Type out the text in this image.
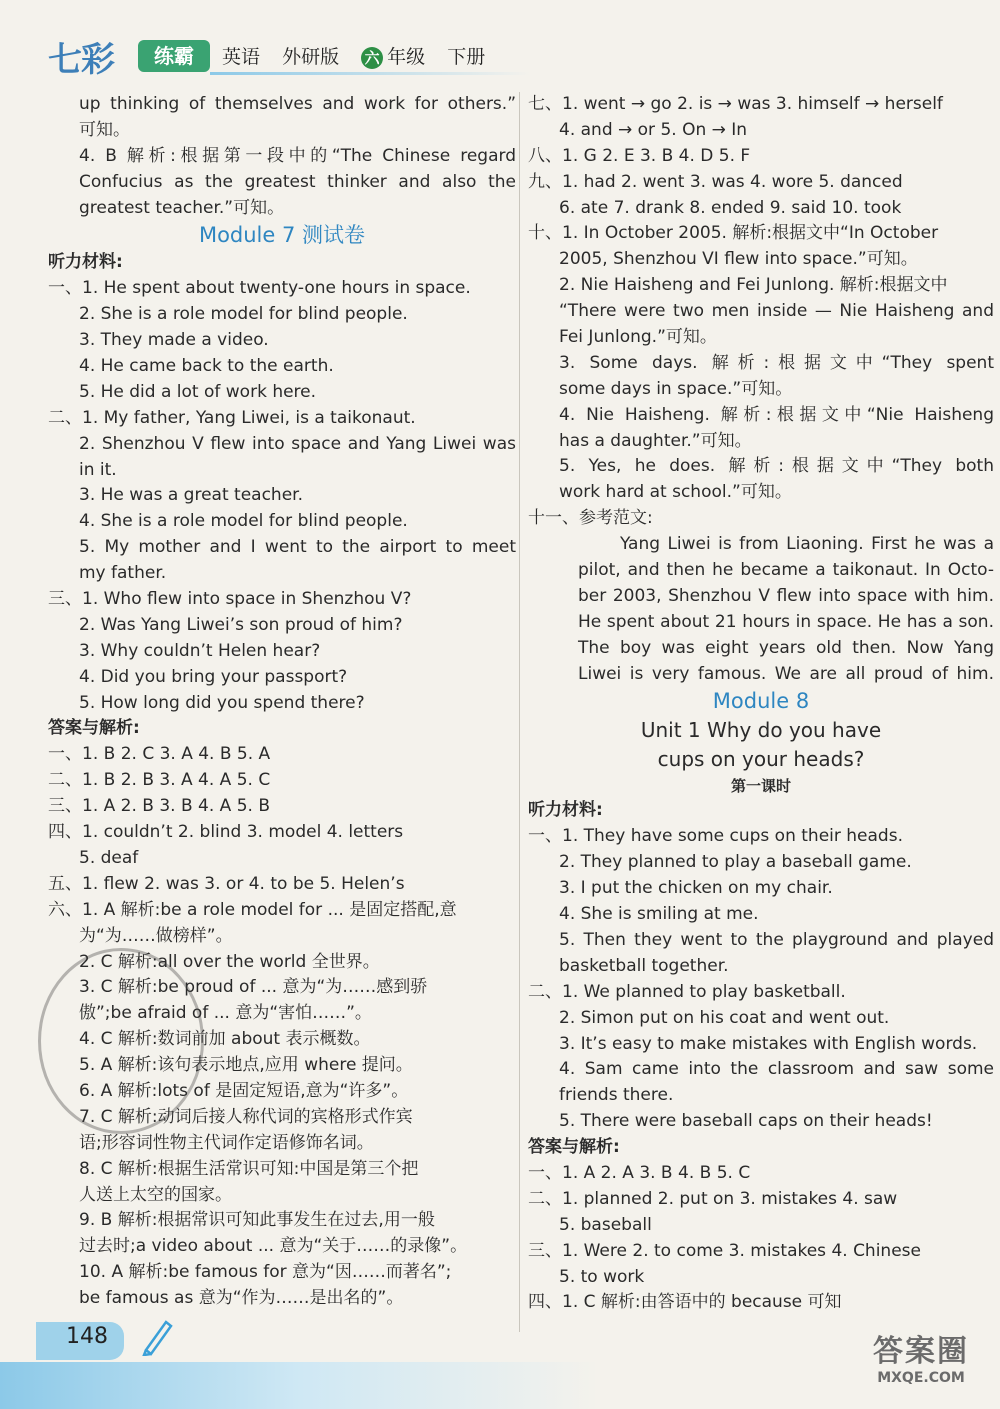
七彩	练霸	英语 外研版 六 年级 下册
up thinking of themselves and work for others.”
可知。
4. B 解析:根据第一段中的“The Chinese regard
Confucius as the greatest thinker and also the
greatest teacher.”可知。
Module 7 测试卷
听力材料:
一、1. He spent about twenty-one hours in space.
2. She is a role model for blind people.
3. They made a video.
4. He came back to the earth.
5. He did a lot of work here.
二、1. My father, Yang Liwei, is a taikonaut.
2. Shenzhou V flew into space and Yang Liwei was
in it.
3. He was a great teacher.
4. She is a role model for blind people.
5. My mother and I went to the airport to meet
my father.
三、1. Who flew into space in Shenzhou V?
2. Was Yang Liwei’s son proud of him?
3. Why couldn’t Helen hear?
4. Did you bring your passport?
5. How long did you spend there?
答案与解析:
一、1. B 2. C 3. A 4. B 5. A
二、1. B 2. B 3. A 4. A 5. C
三、1. A 2. B 3. B 4. A 5. B
四、1. couldn’t 2. blind 3. model 4. letters
5. deaf
五、1. flew 2. was 3. or 4. to be 5. Helen’s
六、1. A 解析:be a role model for ... 是固定搭配,意
为“为……做榜样”。
2. C 解析:all over the world 全世界。
3. C 解析:be proud of ... 意为“为……感到骄
傲”;be afraid of ... 意为“害怕……”。
4. C 解析:数词前加 about 表示概数。
5. A 解析:该句表示地点,应用 where 提问。
6. A 解析:lots of 是固定短语,意为“许多”。
7. C 解析:动词后接人称代词的宾格形式作宾
语;形容词性物主代词作定语修饰名词。
8. C 解析:根据生活常识可知:中国是第三个把
人送上太空的国家。
9. B 解析:根据常识可知此事发生在过去,用一般
过去时;a video about ... 意为“关于……的录像”。
10. A 解析:be famous for 意为“因……而著名”;
be famous as 意为“作为……是出名的”。
七、1. went → go 2. is → was 3. himself → herself
4. and → or 5. On → In
八、1. G 2. E 3. B 4. D 5. F
九、1. had 2. went 3. was 4. wore 5. danced
6. ate 7. drank 8. ended 9. said 10. took
十、1. In October 2005. 解析:根据文中“In October
2005, Shenzhou VI flew into space.”可知。
2. Nie Haisheng and Fei Junlong. 解析:根据文中
“There were two men inside — Nie Haisheng and
Fei Junlong.”可知。
3. Some days. 解析:根据文中“They spent
some days in space.”可知。
4. Nie Haisheng. 解析:根据文中“Nie Haisheng
has a daughter.”可知。
5. Yes, he does. 解析:根据文中“They both
work hard at school.”可知。
十一、参考范文:
Yang Liwei is from Liaoning. First he was a
pilot, and then he became a taikonaut. In Octo-
ber 2003, Shenzhou V flew into space with him.
He spent about 21 hours in space. He has a son.
The boy was eight years old then. Now Yang
Liwei is very famous. We are all proud of him.
Module 8
Unit 1 Why do you have
cups on your heads?
第一课时
听力材料:
一、1. They have some cups on their heads.
2. They planned to play a baseball game.
3. I put the chicken on my chair.
4. She is smiling at me.
5. Then they went to the playground and played
basketball together.
二、1. We planned to play basketball.
2. Simon put on his coat and went out.
3. It’s easy to make mistakes with English words.
4. Sam came into the classroom and saw some
friends there.
5. There were baseball caps on their heads!
答案与解析:
一、1. A 2. A 3. B 4. B 5. C
二、1. planned 2. put on 3. mistakes 4. saw
5. baseball
三、1. Were 2. to come 3. mistakes 4. Chinese
5. to work
四、1. C 解析:由答语中的 because 可知
148	答案圈
MXQE.COM
